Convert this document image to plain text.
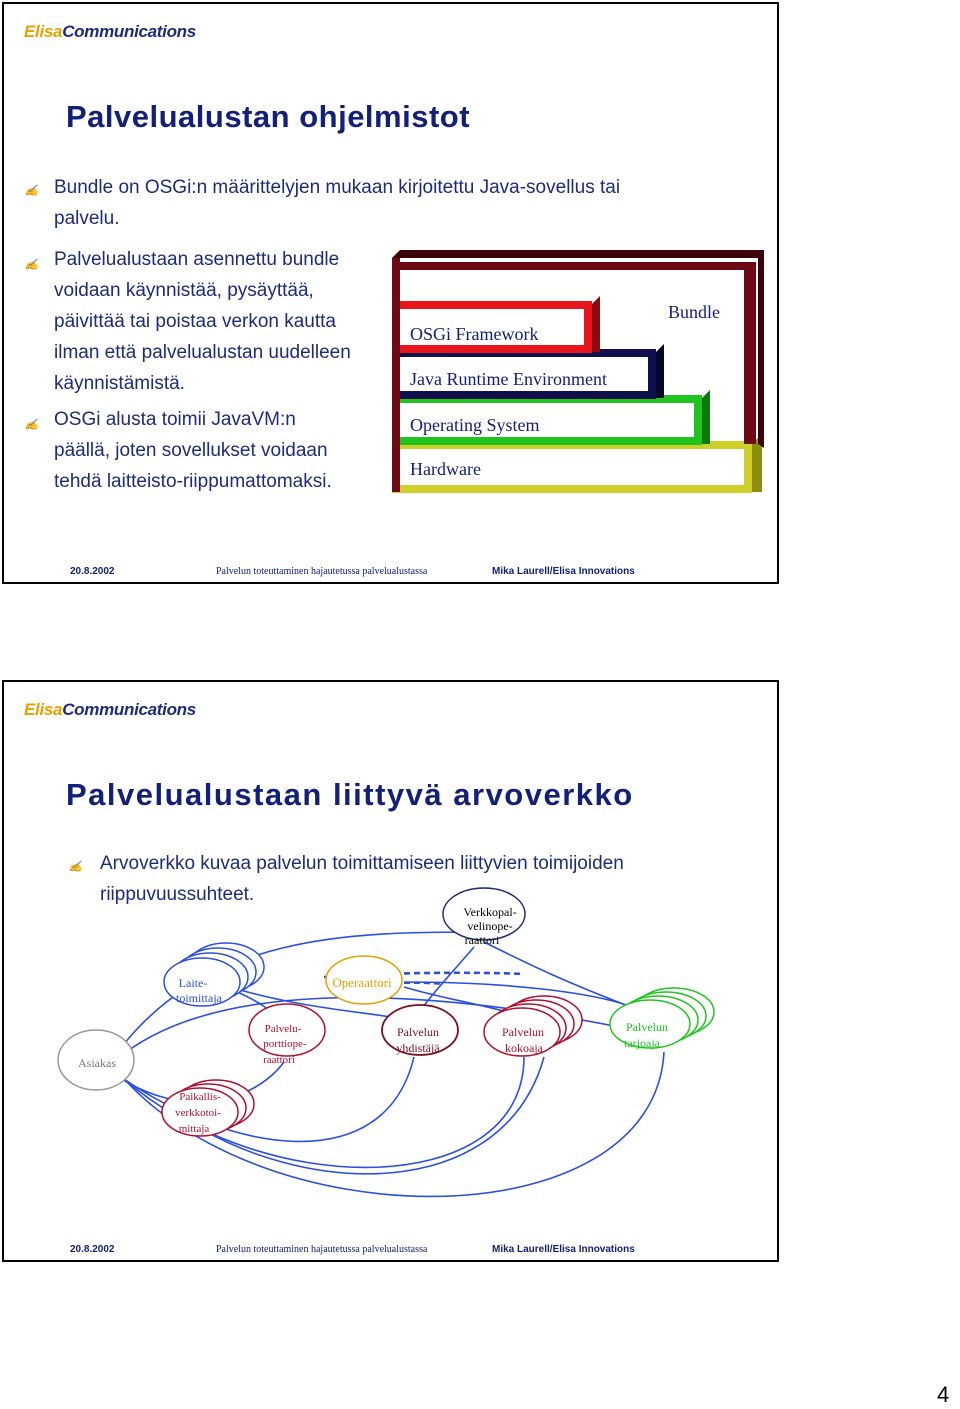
ElisaCommunications
Palvelualustan ohjelmistot
✍ Bundle on OSGi:n määrittelyjen mukaan kirjoitettu Java-sovellus tai
palvelu.
✍ Palvelualustaan asennettu bundle
voidaan käynnistää, pysäyttää,
päivittää tai poistaa verkon kautta
ilman että palvelualustan uudelleen
käynnistämistä.
✍ OSGi alusta toimii JavaVM:n
päällä, joten sovellukset voidaan
tehdä laitteisto-riippumattomaksi.
Bundle
OSGi Framework
Java Runtime Environment
Operating System
Hardware
20.8.2002	Palvelun toteuttaminen hajautetussa palvelualustassa	Mika Laurell/Elisa Innovations
ElisaCommunications
Palvelualustaan liittyvä arvoverkko
✍ Arvoverkko kuvaa palvelun toimittamiseen liittyvien toimijoiden
riippuvuussuhteet.
Verkkopal-velinope-raattori
Laite-toimittaja
Operaattori
Asiakas
Palvelu-porttiope-raattori
Palvelun yhdistäjä
Palvelun kokoaja
Palvelun tarjoaja
Paikallis-verkkotoi-mittaja
20.8.2002	Palvelun toteuttaminen hajautetussa palvelualustassa	Mika Laurell/Elisa Innovations
4
